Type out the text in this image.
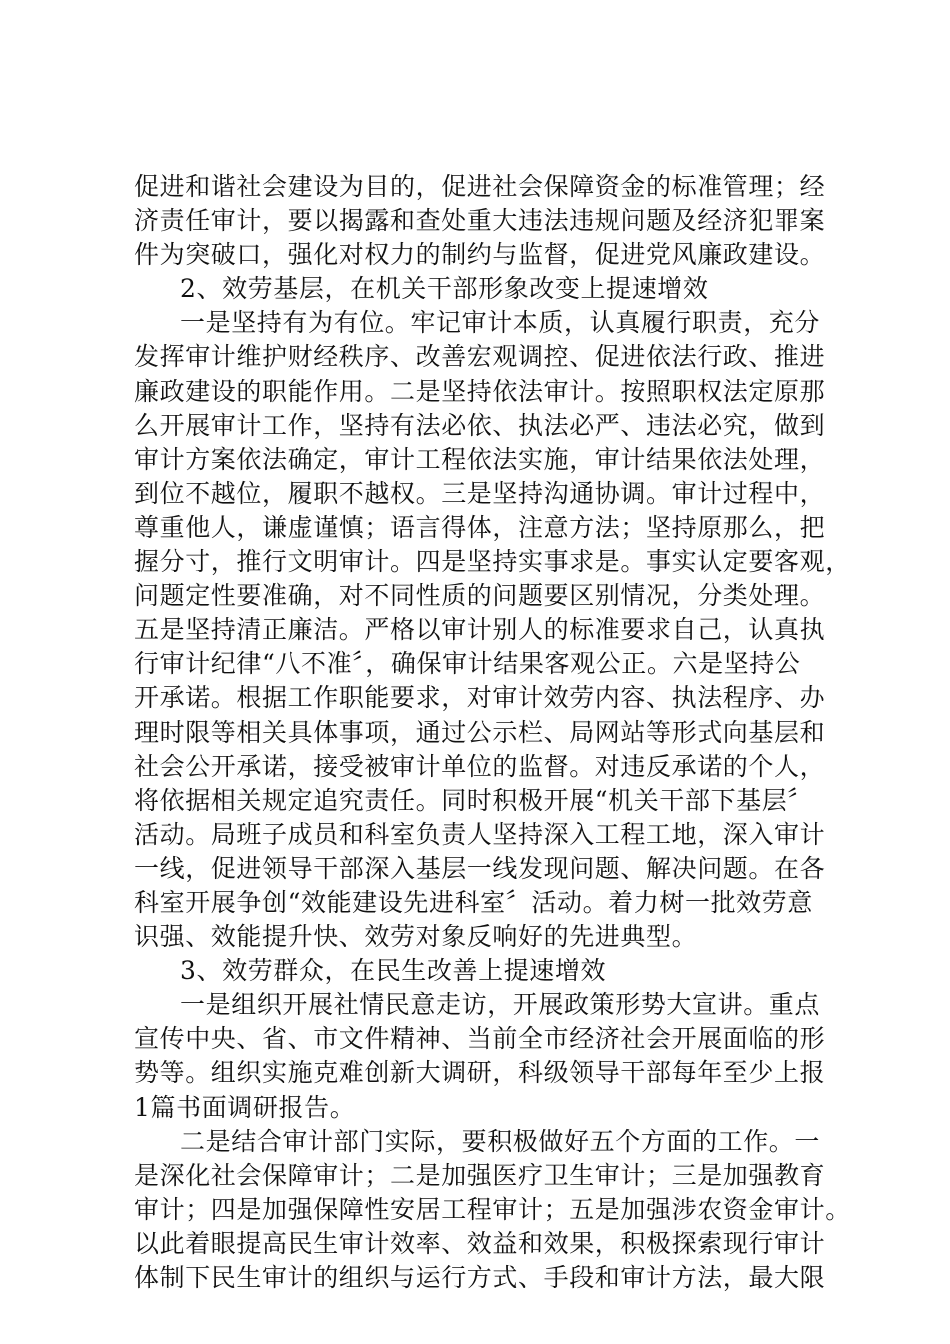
促进和谐社会建设为目的，促进社会保障资金的标准管理；经
济责任审计，要以揭露和查处重大违法违规问题及经济犯罪案
件为突破口，强化对权力的制约与监督，促进党风廉政建设。
2、效劳基层，在机关干部形象改变上提速增效
一是坚持有为有位。牢记审计本质，认真履行职责，充分
发挥审计维护财经秩序、改善宏观调控、促进依法行政、推进
廉政建设的职能作用。二是坚持依法审计。按照职权法定原那
么开展审计工作，坚持有法必依、执法必严、违法必究，做到
审计方案依法确定，审计工程依法实施，审计结果依法处理，
到位不越位，履职不越权。三是坚持沟通协调。审计过程中，
尊重他人，谦虚谨慎；语言得体，注意方法；坚持原那么，把
握分寸，推行文明审计。四是坚持实事求是。事实认定要客观，
问题定性要准确，对不同性质的问题要区别情况，分类处理。
五是坚持清正廉洁。严格以审计别人的标准要求自己，认真执
行审计纪律“八不准〞，确保审计结果客观公正。六是坚持公
开承诺。根据工作职能要求，对审计效劳内容、执法程序、办
理时限等相关具体事项，通过公示栏、局网站等形式向基层和
社会公开承诺，接受被审计单位的监督。对违反承诺的个人，
将依据相关规定追究责任。同时积极开展“机关干部下基层〞
活动。局班子成员和科室负责人坚持深入工程工地，深入审计
一线，促进领导干部深入基层一线发现问题、解决问题。在各
科室开展争创“效能建设先进科室〞活动。着力树一批效劳意
识强、效能提升快、效劳对象反响好的先进典型。
3、效劳群众，在民生改善上提速增效
一是组织开展社情民意走访，开展政策形势大宣讲。重点
宣传中央、省、市文件精神、当前全市经济社会开展面临的形
势等。组织实施克难创新大调研，科级领导干部每年至少上报
1篇书面调研报告。
二是结合审计部门实际，要积极做好五个方面的工作。一
是深化社会保障审计；二是加强医疗卫生审计；三是加强教育
审计；四是加强保障性安居工程审计；五是加强涉农资金审计。
以此着眼提高民生审计效率、效益和效果，积极探索现行审计
体制下民生审计的组织与运行方式、手段和审计方法，最大限
